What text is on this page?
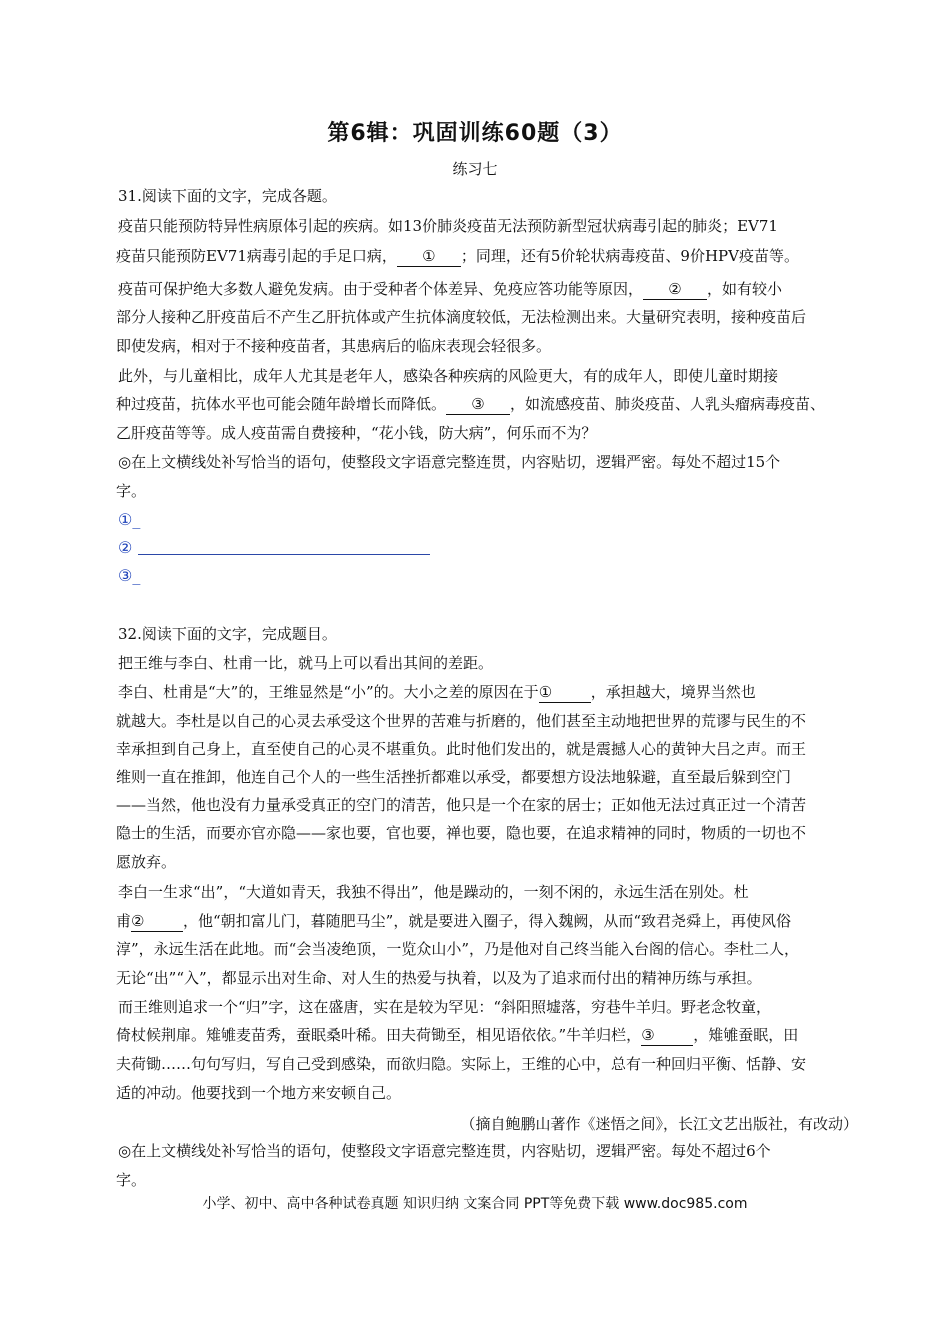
第6辑：巩固训练60题（3）
练习七
31.阅读下面的文字，完成各题。
疫苗只能预防特异性病原体引起的疾病。如13价肺炎疫苗无法预防新型冠状病毒引起的肺炎；EV71
疫苗只能预防EV71病毒引起的手足口病， ① ；同理，还有5价轮状病毒疫苗、9价HPV疫苗等。
疫苗可保护绝大多数人避免发病。由于受种者个体差异、免疫应答功能等原因， ② ，如有较小
部分人接种乙肝疫苗后不产生乙肝抗体或产生抗体滴度较低，无法检测出来。大量研究表明，接种疫苗后
即使发病，相对于不接种疫苗者，其患病后的临床表现会轻很多。
此外，与儿童相比，成年人尤其是老年人，感染各种疾病的风险更大，有的成年人，即使儿童时期接
种过疫苗，抗体水平也可能会随年龄增长而降低。 ③ ，如流感疫苗、肺炎疫苗、人乳头瘤病毒疫苗、
乙肝疫苗等等。成人疫苗需自费接种，“花小钱，防大病”，何乐而不为？
◎在上文横线处补写恰当的语句，使整段文字语意完整连贯，内容贴切，逻辑严密。每处不超过15个
字。
①_
②
③_
32.阅读下面的文字，完成题目。
把王维与李白、杜甫一比，就马上可以看出其间的差距。
李白、杜甫是“大”的，王维显然是“小”的。大小之差的原因在于①	，承担越大，境界当然也
就越大。李杜是以自己的心灵去承受这个世界的苦难与折磨的，他们甚至主动地把世界的荒谬与民生的不
幸承担到自己身上，直至使自己的心灵不堪重负。此时他们发出的，就是震撼人心的黄钟大吕之声。而王
维则一直在推卸，他连自己个人的一些生活挫折都难以承受，都要想方设法地躲避，直至最后躲到空门
——当然，他也没有力量承受真正的空门的清苦，他只是一个在家的居士；正如他无法过真正过一个清苦
隐士的生活，而要亦官亦隐——家也要，官也要，禅也要，隐也要，在追求精神的同时，物质的一切也不
愿放弃。
李白一生求“出”，“大道如青天，我独不得出”，他是躁动的，一刻不闲的，永远生活在别处。杜
甫②	，他“朝扣富儿门，暮随肥马尘”，就是要进入圈子，得入魏阙，从而“致君尧舜上，再使风俗
淳”，永远生活在此地。而“会当凌绝顶，一览众山小”，乃是他对自己终当能入台阁的信心。李杜二人，
无论“出”“入”，都显示出对生命、对人生的热爱与执着，以及为了追求而付出的精神历练与承担。
而王维则追求一个“归”字，这在盛唐，实在是较为罕见：“斜阳照墟落，穷巷牛羊归。野老念牧童，
倚杖候荆扉。雉雊麦苗秀，蚕眠桑叶稀。田夫荷锄至，相见语依依。”牛羊归栏，③	，雉雊蚕眠，田
夫荷锄……句句写归，写自己受到感染，而欲归隐。实际上，王维的心中，总有一种回归平衡、恬静、安
适的冲动。他要找到一个地方来安顿自己。
（摘自鲍鹏山著作《迷悟之间》，长江文艺出版社，有改动）
◎在上文横线处补写恰当的语句，使整段文字语意完整连贯，内容贴切，逻辑严密。每处不超过6个
字。
小学、初中、高中各种试卷真题 知识归纳 文案合同 PPT等免费下载 www.doc985.com
